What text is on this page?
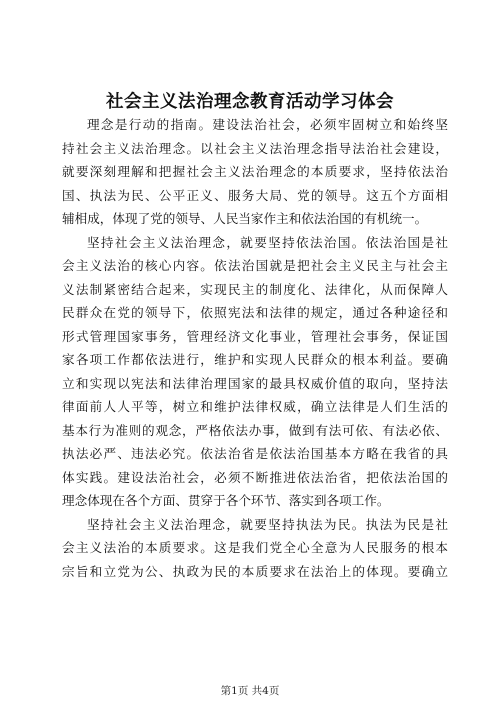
社会主义法治理念教育活动学习体会
理念是行动的指南。建设法治社会，必须牢固树立和始终坚
持社会主义法治理念。以社会主义法治理念指导法治社会建设，
就要深刻理解和把握社会主义法治理念的本质要求，坚持依法治
国、执法为民、公平正义、服务大局、党的领导。这五个方面相
辅相成，体现了党的领导、人民当家作主和依法治国的有机统一。
坚持社会主义法治理念，就要坚持依法治国。依法治国是社
会主义法治的核心内容。依法治国就是把社会主义民主与社会主
义法制紧密结合起来，实现民主的制度化、法律化，从而保障人
民群众在党的领导下，依照宪法和法律的规定，通过各种途径和
形式管理国家事务，管理经济文化事业，管理社会事务，保证国
家各项工作都依法进行，维护和实现人民群众的根本利益。要确
立和实现以宪法和法律治理国家的最具权威价值的取向，坚持法
律面前人人平等，树立和维护法律权威，确立法律是人们生活的
基本行为准则的观念，严格依法办事，做到有法可依、有法必依、
执法必严、违法必究。依法治省是依法治国基本方略在我省的具
体实践。建设法治社会，必须不断推进依法治省，把依法治国的
理念体现在各个方面、贯穿于各个环节、落实到各项工作。
坚持社会主义法治理念，就要坚持执法为民。执法为民是社
会主义法治的本质要求。这是我们党全心全意为人民服务的根本
宗旨和立党为公、执政为民的本质要求在法治上的体现。要确立
第1页 共4页
